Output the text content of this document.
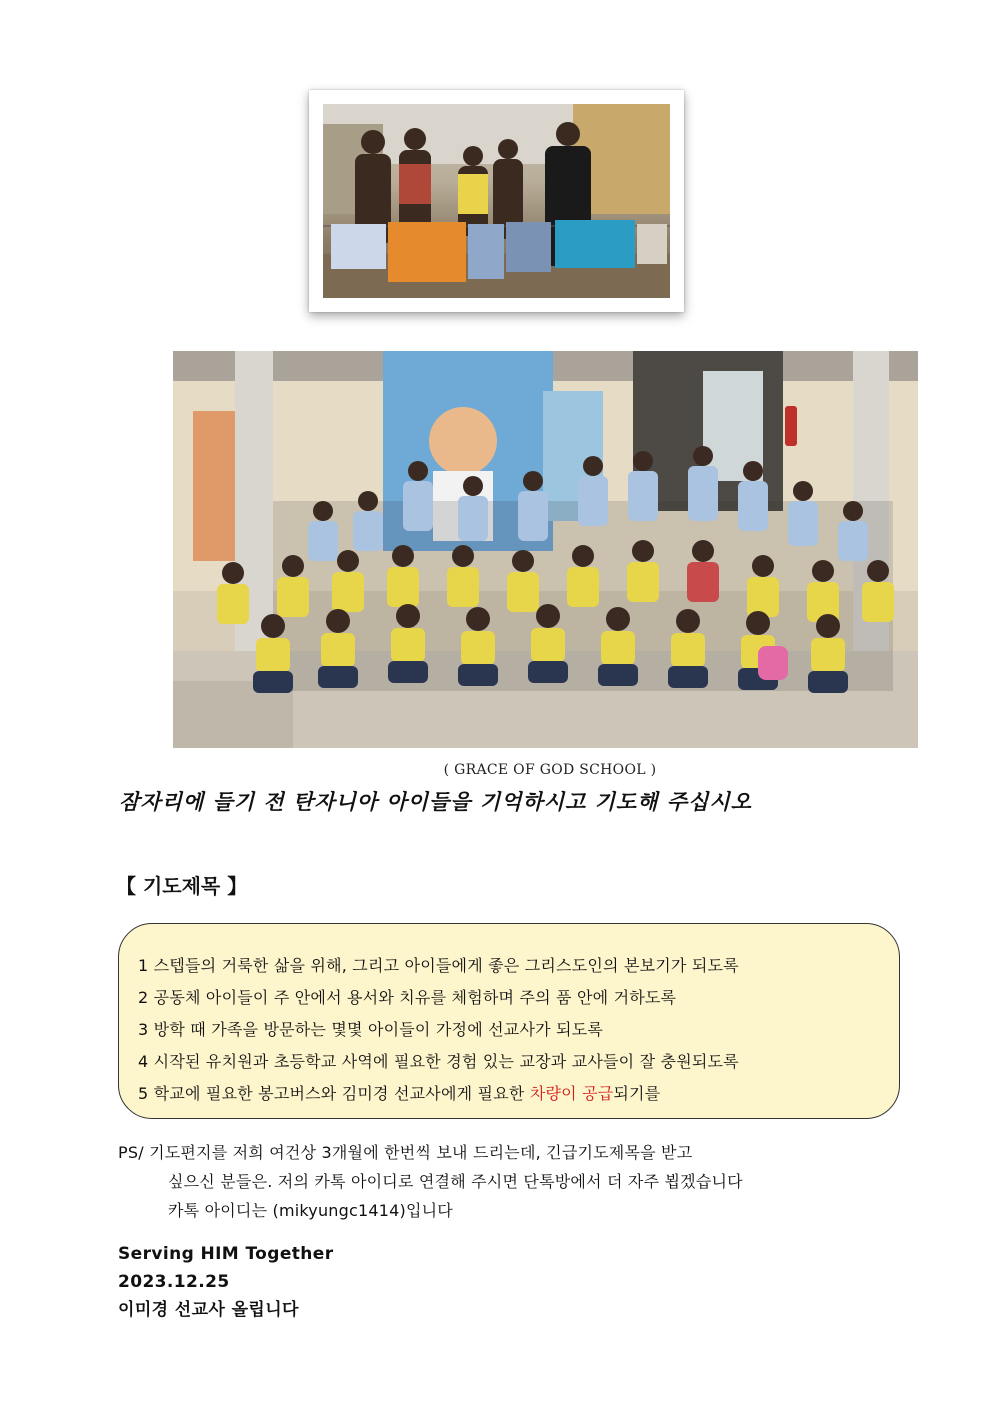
( GRACE OF GOD SCHOOL )
잠자리에 들기 전 탄자니아 아이들을 기억하시고 기도해 주십시오
【 기도제목 】
1 스텝들의 거룩한 삶을 위해, 그리고 아이들에게 좋은 그리스도인의 본보기가 되도록
2 공동체 아이들이 주 안에서 용서와 치유를 체험하며 주의 품 안에 거하도록
3 방학 때 가족을 방문하는 몇몇 아이들이 가정에 선교사가 되도록
4 시작된 유치원과 초등학교 사역에 필요한 경험 있는 교장과 교사들이 잘 충원되도록
5 학교에 필요한 봉고버스와 김미경 선교사에게 필요한 차량이 공급되기를
PS/ 기도편지를 저희 여건상 3개월에 한번씩 보내 드리는데, 긴급기도제목을 받고
싶으신 분들은. 저의 카톡 아이디로 연결해 주시면 단톡방에서 더 자주 뵙겠습니다
카톡 아이디는 (mikyungc1414)입니다
Serving HIM Together
2023.12.25
이미경 선교사 올립니다
